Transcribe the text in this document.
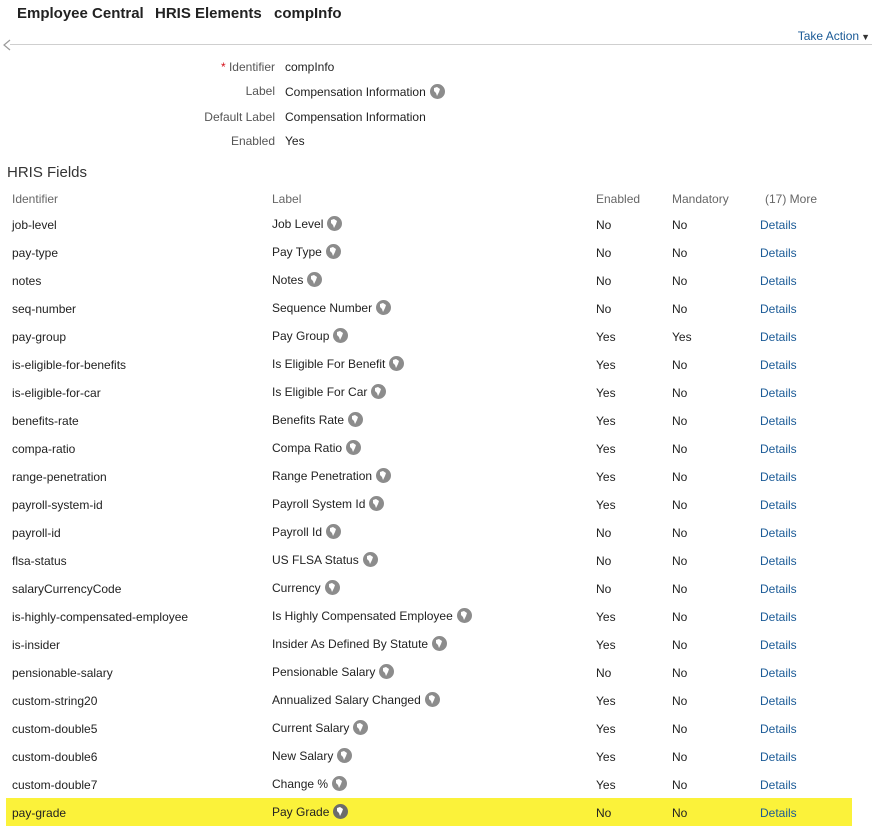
Employee Central HRIS Elements compInfo
Take Action ▼
* Identifier compInfo
Label Compensation Information
Default Label Compensation Information
Enabled Yes
HRIS Fields
Identifier	Label	Enabled	Mandatory	(17) More
job-level	Job Level	No	No	Details
pay-type	Pay Type	No	No	Details
notes	Notes	No	No	Details
seq-number	Sequence Number	No	No	Details
pay-group	Pay Group	Yes	Yes	Details
is-eligible-for-benefits	Is Eligible For Benefit	Yes	No	Details
is-eligible-for-car	Is Eligible For Car	Yes	No	Details
benefits-rate	Benefits Rate	Yes	No	Details
compa-ratio	Compa Ratio	Yes	No	Details
range-penetration	Range Penetration	Yes	No	Details
payroll-system-id	Payroll System Id	Yes	No	Details
payroll-id	Payroll Id	No	No	Details
flsa-status	US FLSA Status	No	No	Details
salaryCurrencyCode	Currency	No	No	Details
is-highly-compensated-employee	Is Highly Compensated Employee	Yes	No	Details
is-insider	Insider As Defined By Statute	Yes	No	Details
pensionable-salary	Pensionable Salary	No	No	Details
custom-string20	Annualized Salary Changed	Yes	No	Details
custom-double5	Current Salary	Yes	No	Details
custom-double6	New Salary	Yes	No	Details
custom-double7	Change %	Yes	No	Details
pay-grade	Pay Grade	No	No	Details
